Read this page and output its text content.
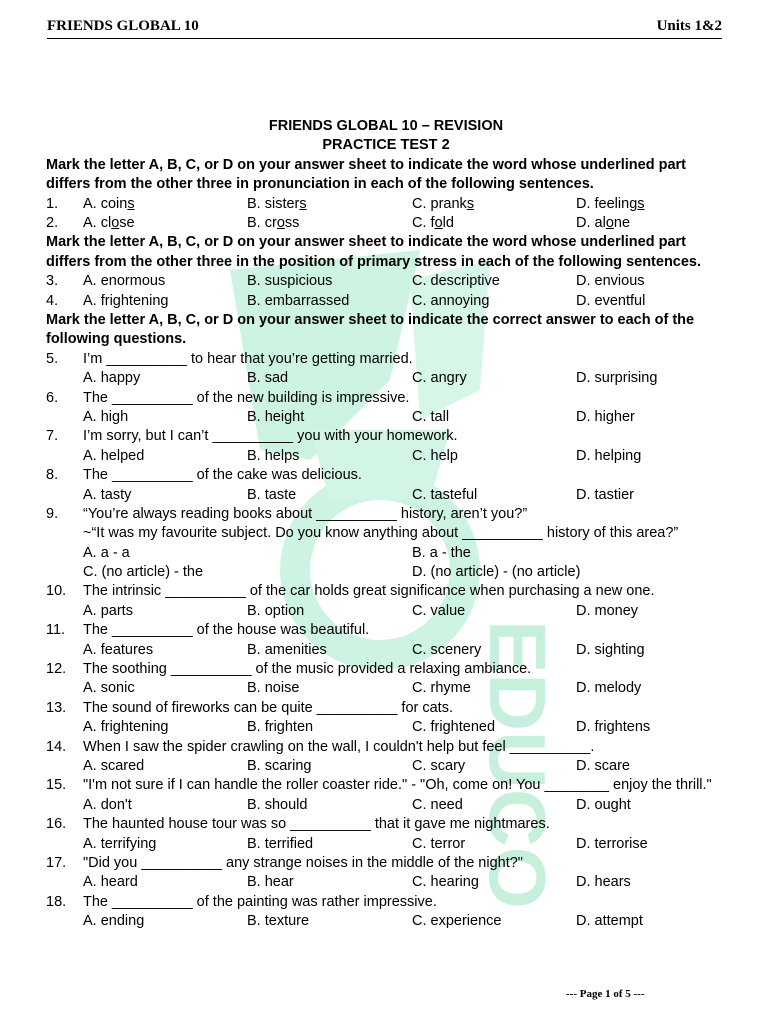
FRIENDS GLOBAL 10	Units 1&2
EDUCO
FRIENDS GLOBAL 10 – REVISION
PRACTICE TEST 2
Mark the letter A, B, C, or D on your answer sheet to indicate the word whose underlined part differs from the other three in pronunciation in each of the following sentences.
1. A. coins	B. sisters	C. pranks	D. feelings
2. A. close	B. cross	C. fold	D. alone
Mark the letter A, B, C, or D on your answer sheet to indicate the word whose underlined part differs from the other three in the position of primary stress in each of the following sentences.
3. A. enormous	B. suspicious	C. descriptive	D. envious
4. A. frightening	B. embarrassed	C. annoying	D. eventful
Mark the letter A, B, C, or D on your answer sheet to indicate the correct answer to each of the following questions.
5. I’m __________ to hear that you’re getting married.
A. happy	B. sad	C. angry	D. surprising
6. The __________ of the new building is impressive.
A. high	B. height	C. tall	D. higher
7. I’m sorry, but I can’t __________ you with your homework.
A. helped	B. helps	C. help	D. helping
8. The __________ of the cake was delicious.
A. tasty	B. taste	C. tasteful	D. tastier
9. “You’re always reading books about __________ history, aren’t you?”
~“It was my favourite subject. Do you know anything about __________ history of this area?”
A. a - a	B. a - the
C. (no article) - the	D. (no article) - (no article)
10. The intrinsic __________ of the car holds great significance when purchasing a new one.
A. parts	B. option	C. value	D. money
11. The __________ of the house was beautiful.
A. features	B. amenities	C. scenery	D. sighting
12. The soothing __________ of the music provided a relaxing ambiance.
A. sonic	B. noise	C. rhyme	D. melody
13. The sound of fireworks can be quite __________ for cats.
A. frightening	B. frighten	C. frightened	D. frightens
14. When I saw the spider crawling on the wall, I couldn't help but feel __________.
A. scared	B. scaring	C. scary	D. scare
15. "I'm not sure if I can handle the roller coaster ride." - "Oh, come on! You ________ enjoy the thrill."
A. don't	B. should	C. need	D. ought
16. The haunted house tour was so __________ that it gave me nightmares.
A. terrifying	B. terrified	C. terror	D. terrorise
17. "Did you __________ any strange noises in the middle of the night?"
A. heard	B. hear	C. hearing	D. hears
18. The __________ of the painting was rather impressive.
A. ending	B. texture	C. experience	D. attempt
--- Page 1 of 5 ---
